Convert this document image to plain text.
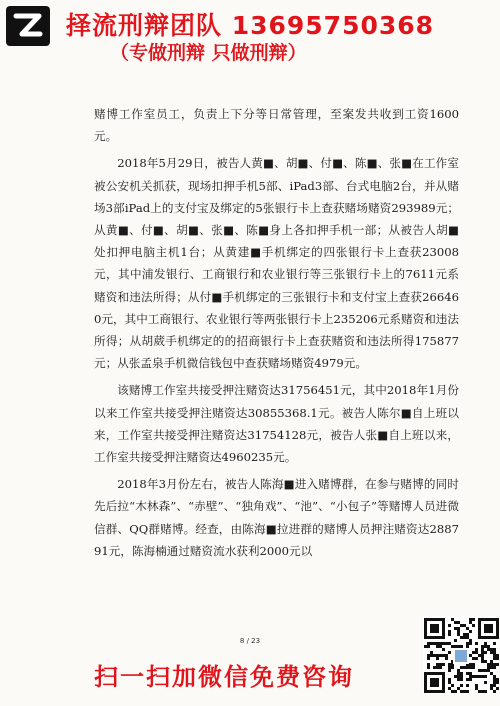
择流刑辩团队 13695750368
（专做刑辩 只做刑辩）

赌博工作室员工，负责上下分等日常管理，至案发共收到工资1600元。

2018年5月29日，被告人黄■、胡■、付■、陈■、张■在工作室被公安机关抓获，现场扣押手机5部、iPad3部、台式电脑2台，并从赌场3部iPad上的支付宝及绑定的5张银行卡上查获赌场赌资293989元；从黄■、付■、胡■、张■、陈■身上各扣押手机一部；从被告人胡■处扣押电脑主机1台；从黄建■手机绑定的四张银行卡上查获23008元，其中浦发银行、工商银行和农业银行等三张银行卡上的7611元系赌资和违法所得；从付■手机绑定的三张银行卡和支付宝上查获266460元，其中工商银行、农业银行等两张银行卡上235206元系赌资和违法所得；从胡葳手机绑定的的招商银行卡上查获赌资和违法所得175877元；从张孟泉手机微信钱包中查获赌场赌资4979元。

该赌博工作室共接受押注赌资达31756451元，其中2018年1月份以来工作室共接受押注赌资达30855368.1元。被告人陈尔■自上班以来，工作室共接受押注赌资达31754128元，被告人张■自上班以来，工作室共接受押注赌资达4960235元。

2018年3月份左右，被告人陈海■进入赌博群，在参与赌博的同时先后拉“木林森”、“赤壁”、“独角戏”、“池”、“小包子”等赌博人员进微信群、QQ群赌博。经查，由陈海■拉进群的赌博人员押注赌资达288791元，陈海楠通过赌资流水获利2000元以

8 / 23
扫一扫加微信免费咨询
